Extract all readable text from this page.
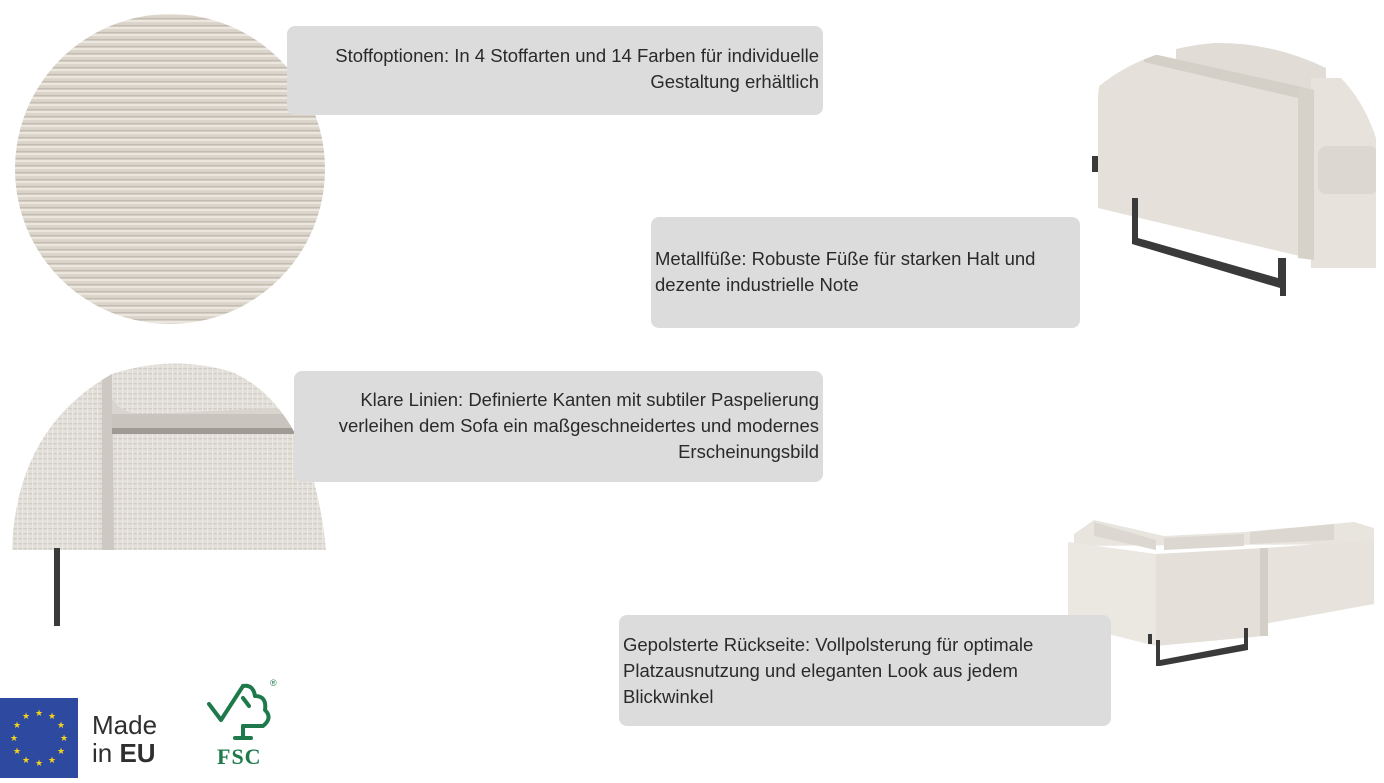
Stoffoptionen: In 4 Stoffarten und 14 Farben für individuelle
Gestaltung erhältlich
Metallfüße: Robuste Füße für starken Halt und
dezente industrielle Note
Klare Linien: Definierte Kanten mit subtiler Paspelierung
verleihen dem Sofa ein maßgeschneidertes und modernes
Erscheinungsbild
Gepolsterte Rückseite: Vollpolsterung für optimale
Platzausnutzung und eleganten Look aus jedem
Blickwinkel
★ ★
★
★
★
★
★
★
★
★
★
★ Made
in EU
®
FSC
